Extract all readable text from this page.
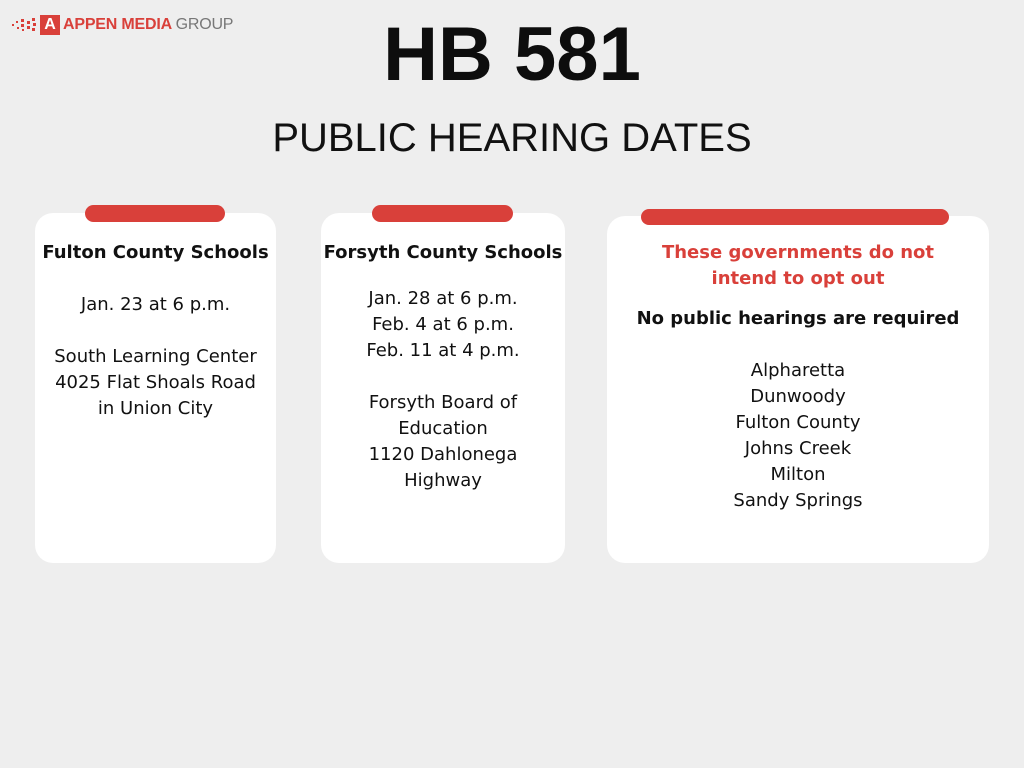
A APPEN MEDIA GROUP	HB 581
PUBLIC HEARING DATES
Fulton County Schools
Jan. 23 at 6 p.m.
South Learning Center
4025 Flat Shoals Road
in Union City
Forsyth County Schools
Jan. 28 at 6 p.m.
Feb. 4 at 6 p.m.
Feb. 11 at 4 p.m.
Forsyth Board of
Education
1120 Dahlonega
Highway
These governments do not
intend to opt out
No public hearings are required
Alpharetta
Dunwoody
Fulton County
Johns Creek
Milton
Sandy Springs
